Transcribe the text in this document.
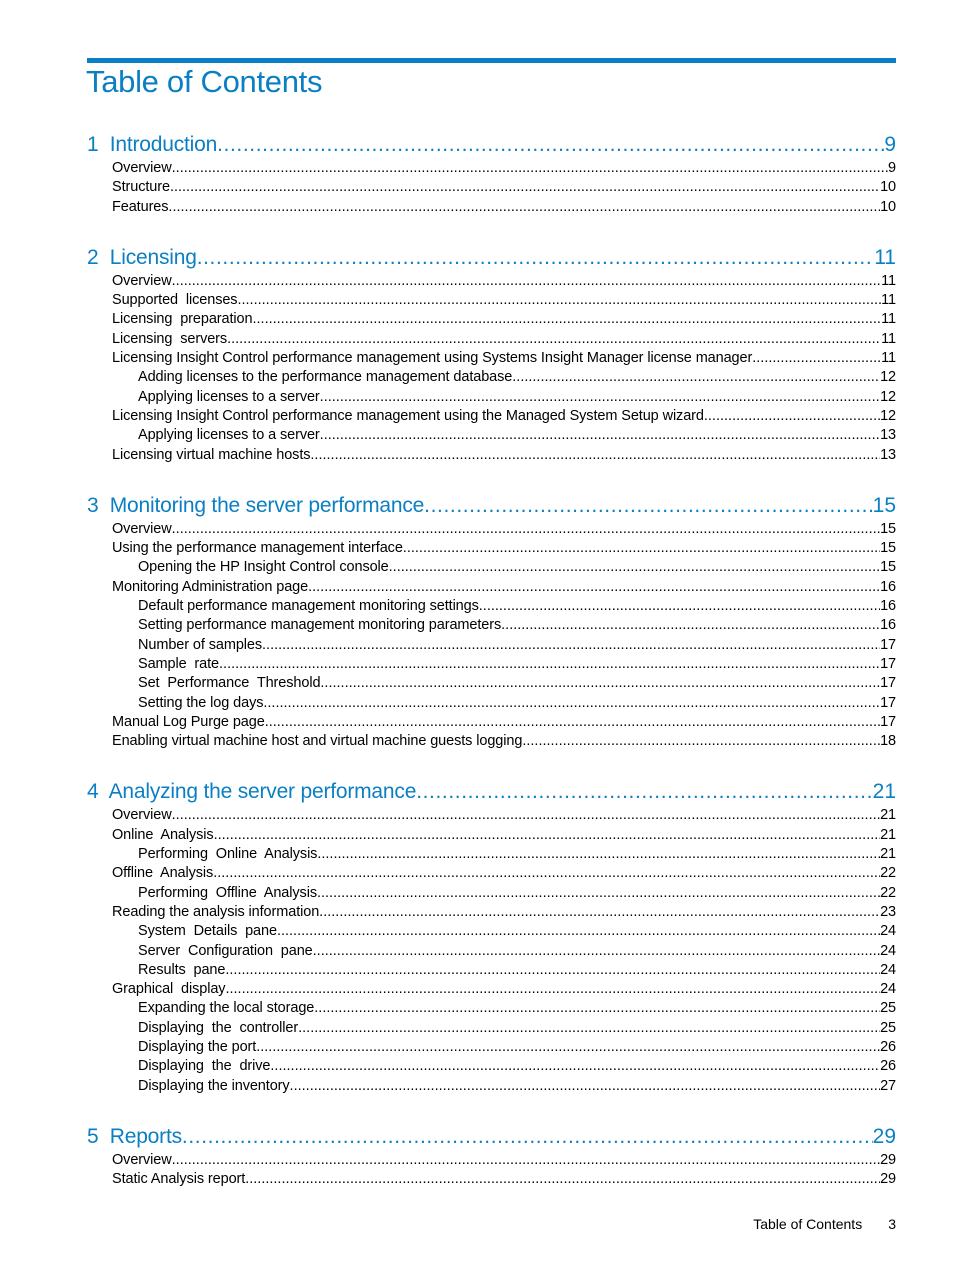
Table of Contents
1  Introduction .....	9
Overview .....	9
Structure .....	10
Features .....	10
2  Licensing .....	11
Overview .....	11
Supported  licenses .....	11
Licensing  preparation .....	11
Licensing  servers .....	11
Licensing Insight Control performance management using Systems Insight Manager license manager .....	11
Adding licenses to the performance management database .....	12
Applying licenses to a server .....	12
Licensing Insight Control performance management using the Managed System Setup wizard .....	12
Applying licenses to a server .....	13
Licensing virtual machine hosts .....	13
3  Monitoring the server performance .....	15
Overview .....	15
Using the performance management interface .....	15
Opening the HP Insight Control console .....	15
Monitoring Administration page .....	16
Default performance management monitoring settings .....	16
Setting performance management monitoring parameters .....	16
Number of samples .....	17
Sample  rate .....	17
Set  Performance  Threshold .....	17
Setting the log days .....	17
Manual Log Purge page .....	17
Enabling virtual machine host and virtual machine guests logging .....	18
4  Analyzing the server performance .....	21
Overview .....	21
Online  Analysis .....	21
Performing  Online  Analysis .....	21
Offline  Analysis .....	22
Performing  Offline  Analysis .....	22
Reading the analysis information .....	23
System  Details  pane .....	24
Server  Configuration  pane .....	24
Results  pane .....	24
Graphical  display .....	24
Expanding the local storage .....	25
Displaying  the  controller .....	25
Displaying the port .....	26
Displaying  the  drive .....	26
Displaying the inventory .....	27
5  Reports .....	29
Overview .....	29
Static Analysis report .....	29
Table of Contents 3
